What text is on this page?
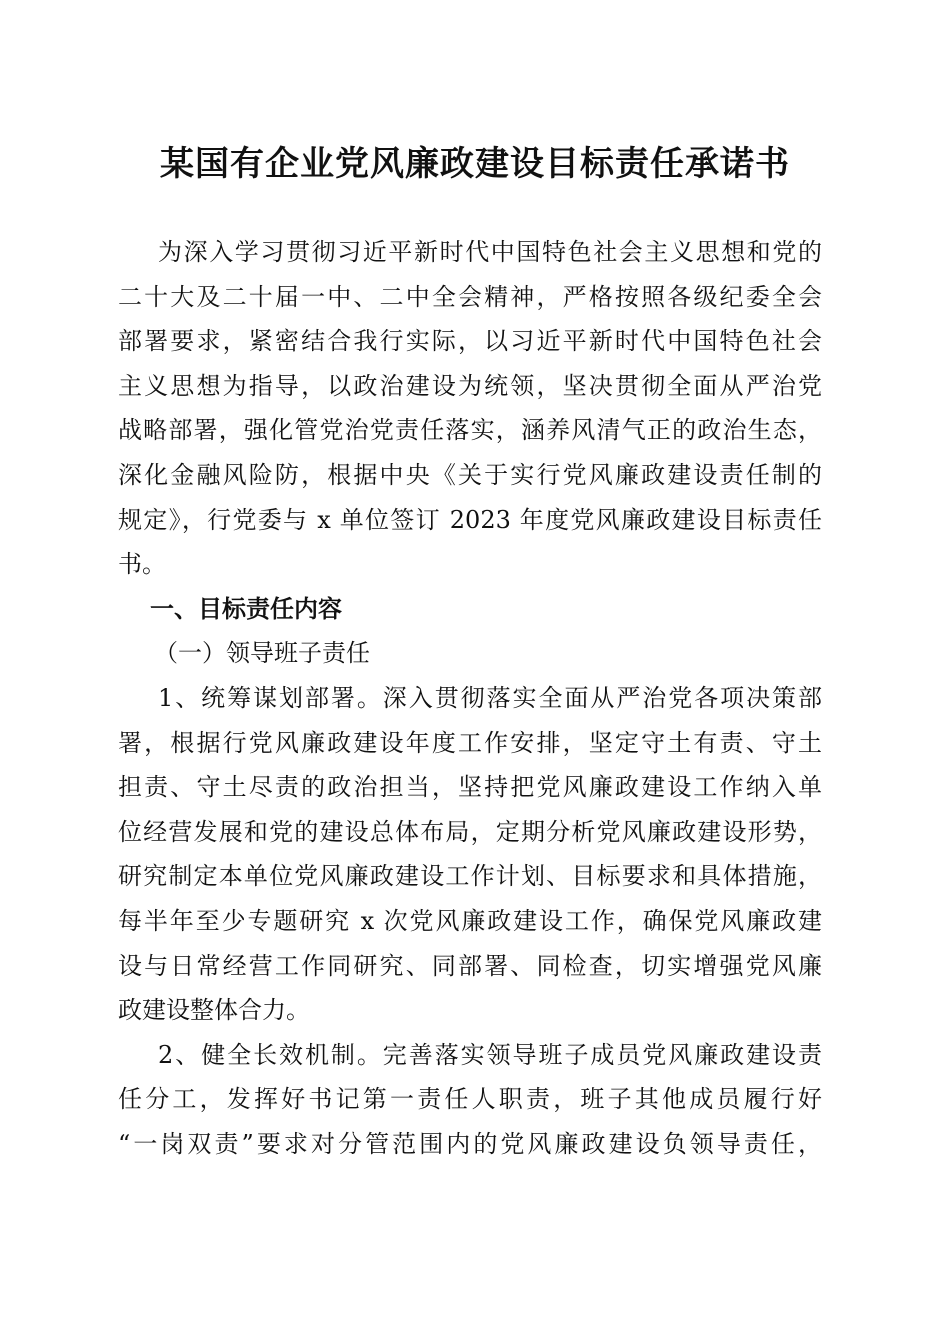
某国有企业党风廉政建设目标责任承诺书
为深入学习贯彻习近平新时代中国特色社会主义思想和党的
二十大及二十届一中、二中全会精神，严格按照各级纪委全会
部署要求，紧密结合我行实际，以习近平新时代中国特色社会
主义思想为指导，以政治建设为统领，坚决贯彻全面从严治党
战略部署，强化管党治党责任落实，涵养风清气正的政治生态，
深化金融风险防，根据中央《关于实行党风廉政建设责任制的
规定》，行党委与 x 单位签订 2023 年度党风廉政建设目标责任
书。
一、目标责任内容
（一）领导班子责任
1、统筹谋划部署。深入贯彻落实全面从严治党各项决策部
署，根据行党风廉政建设年度工作安排，坚定守土有责、守土
担责、守土尽责的政治担当，坚持把党风廉政建设工作纳入单
位经营发展和党的建设总体布局，定期分析党风廉政建设形势，
研究制定本单位党风廉政建设工作计划、目标要求和具体措施，
每半年至少专题研究 x 次党风廉政建设工作，确保党风廉政建
设与日常经营工作同研究、同部署、同检查，切实增强党风廉
政建设整体合力。
2、健全长效机制。完善落实领导班子成员党风廉政建设责
任分工，发挥好书记第一责任人职责，班子其他成员履行好
“一岗双责”要求对分管范围内的党风廉政建设负领导责任，
